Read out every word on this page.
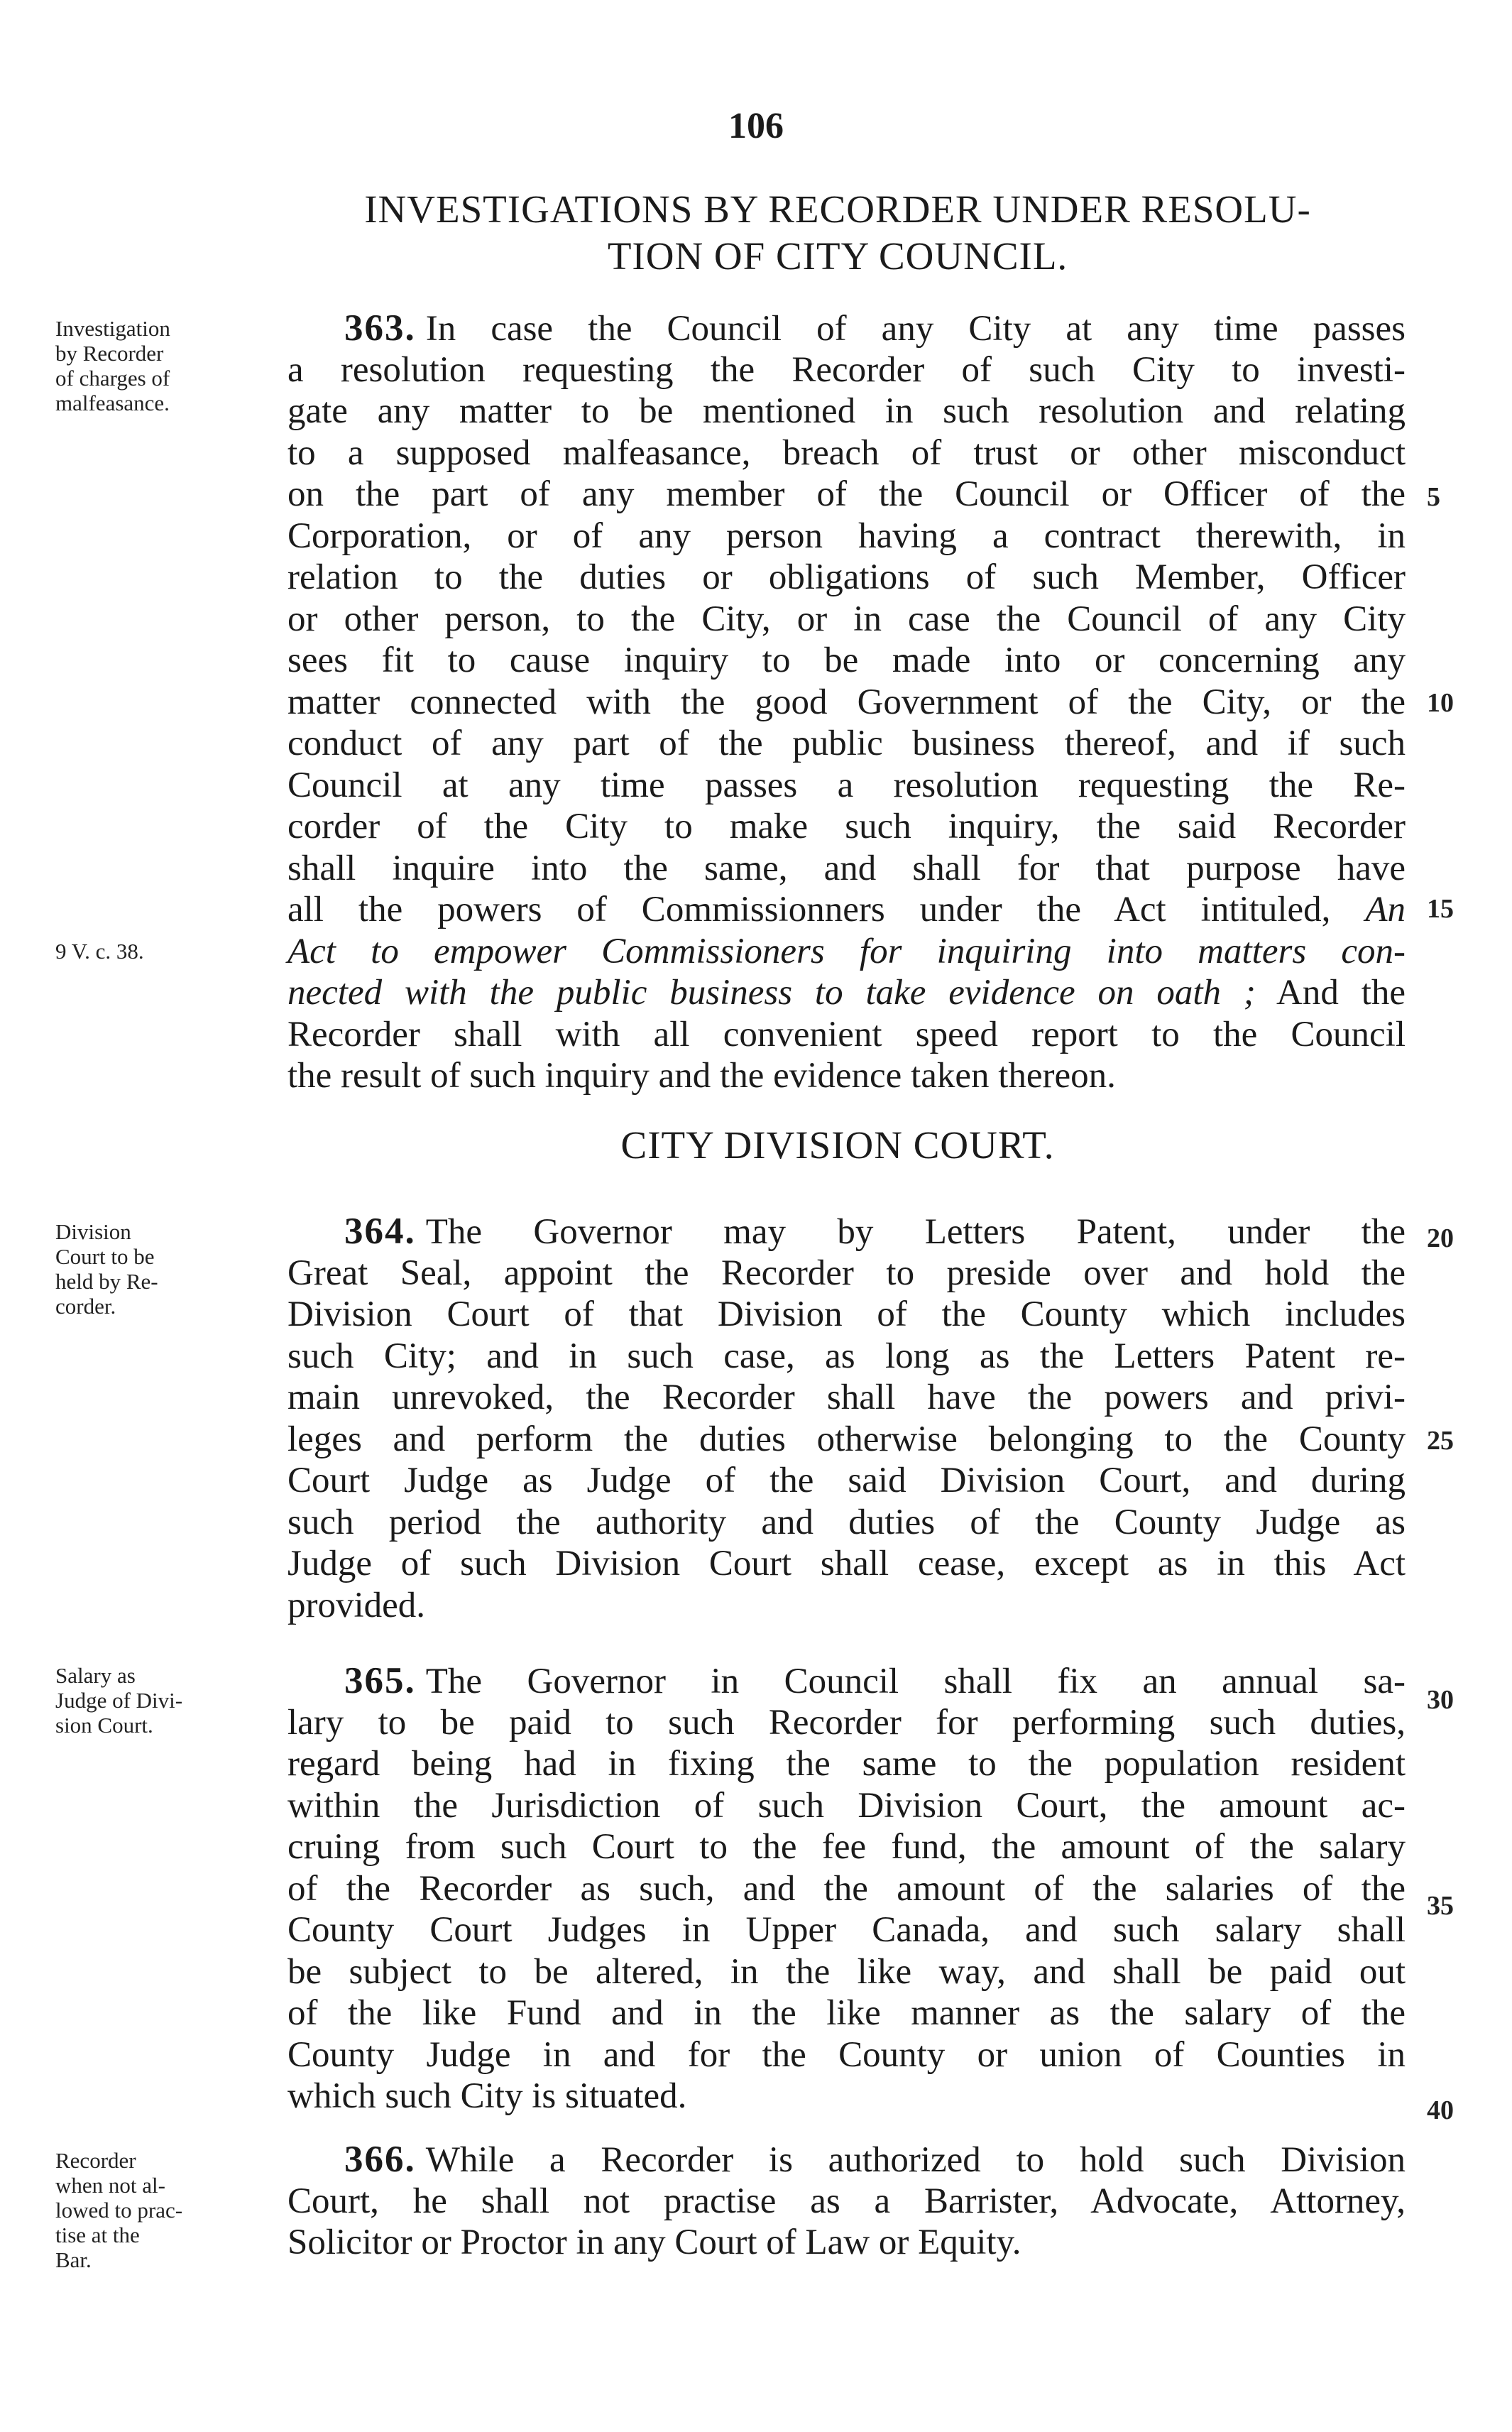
106
INVESTIGATIONS BY RECORDER UNDER RESOLU-
TION OF CITY COUNCIL.
Investigation
by Recorder
of charges of
malfeasance.
9 V. c. 38.
Division
Court to be
held by Re-
corder.
Salary as
Judge of Divi-
sion Court.
Recorder
when not al-
lowed to prac-
tise at the
Bar.
5
10
15
20
25
30
35
40
363. In case the Council of any City at any time passes
a resolution requesting the Recorder of such City to investi-
gate any matter to be mentioned in such resolution and relating
to a supposed malfeasance, breach of trust or other misconduct
on the part of any member of the Council or Officer of the
Corporation, or of any person having a contract therewith, in
relation to the duties or obligations of such Member, Officer
or other person, to the City, or in case the Council of any City
sees fit to cause inquiry to be made into or concerning any
matter connected with the good Government of the City, or the
conduct of any part of the public business thereof, and if such
Council at any time passes a resolution requesting the Re-
corder of the City to make such inquiry, the said Recorder
shall inquire into the same, and shall for that purpose have
all the powers of Commissionners under the Act intituled, An
Act to empower Commissioners for inquiring into matters con-
nected with the public business to take evidence on oath ; And the
Recorder shall with all convenient speed report to the Council
the result of such inquiry and the evidence taken thereon.
CITY DIVISION COURT.
364. The Governor may by Letters Patent, under the
Great Seal, appoint the Recorder to preside over and hold the
Division Court of that Division of the County which includes
such City; and in such case, as long as the Letters Patent re-
main unrevoked, the Recorder shall have the powers and privi-
leges and perform the duties otherwise belonging to the County
Court Judge as Judge of the said Division Court, and during
such period the authority and duties of the County Judge as
Judge of such Division Court shall cease, except as in this Act
provided.
365. The Governor in Council shall fix an annual sa-
lary to be paid to such Recorder for performing such duties,
regard being had in fixing the same to the population resident
within the Jurisdiction of such Division Court, the amount ac-
cruing from such Court to the fee fund, the amount of the salary
of the Recorder as such, and the amount of the salaries of the
County Court Judges in Upper Canada, and such salary shall
be subject to be altered, in the like way, and shall be paid out
of the like Fund and in the like manner as the salary of the
County Judge in and for the County or union of Counties in
which such City is situated.
366. While a Recorder is authorized to hold such Division
Court, he shall not practise as a Barrister, Advocate, Attorney,
Solicitor or Proctor in any Court of Law or Equity.
